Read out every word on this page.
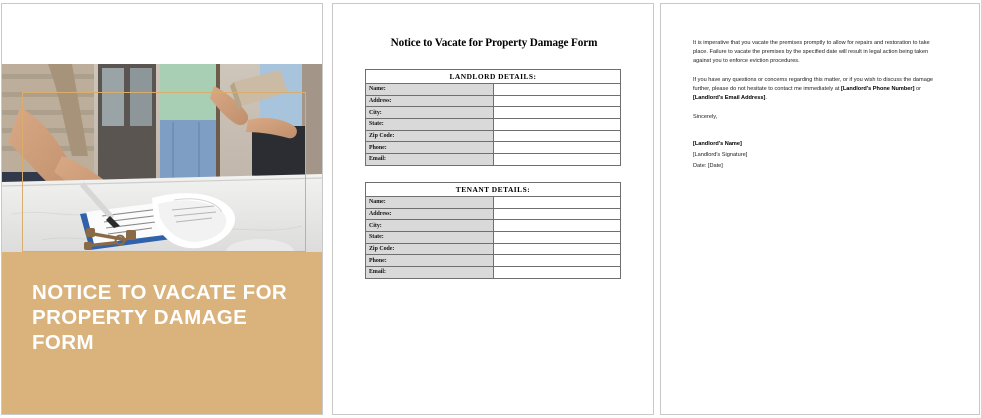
NOTICE TO VACATE FOR
PROPERTY DAMAGE FORM
Notice to Vacate for Property Damage Form
LANDLORD DETAILS:	
Name:	
Address:	
City:	
State:	
Zip Code:	
Phone:	
Email:	
TENANT DETAILS:	
Name:	
Address:	
City:	
State:	
Zip Code:	
Phone:	
Email:	
It is imperative that you vacate the premises promptly to allow for repairs and restoration to take place. Failure to vacate the premises by the specified date will result in legal action being taken against you to enforce eviction procedures.
If you have any questions or concerns regarding this matter, or if you wish to discuss the damage further, please do not hesitate to contact me immediately at [Landlord's Phone Number] or [Landlord's Email Address].
Sincerely,
[Landlord's Name]
[Landlord's Signature]
Date: [Date]
